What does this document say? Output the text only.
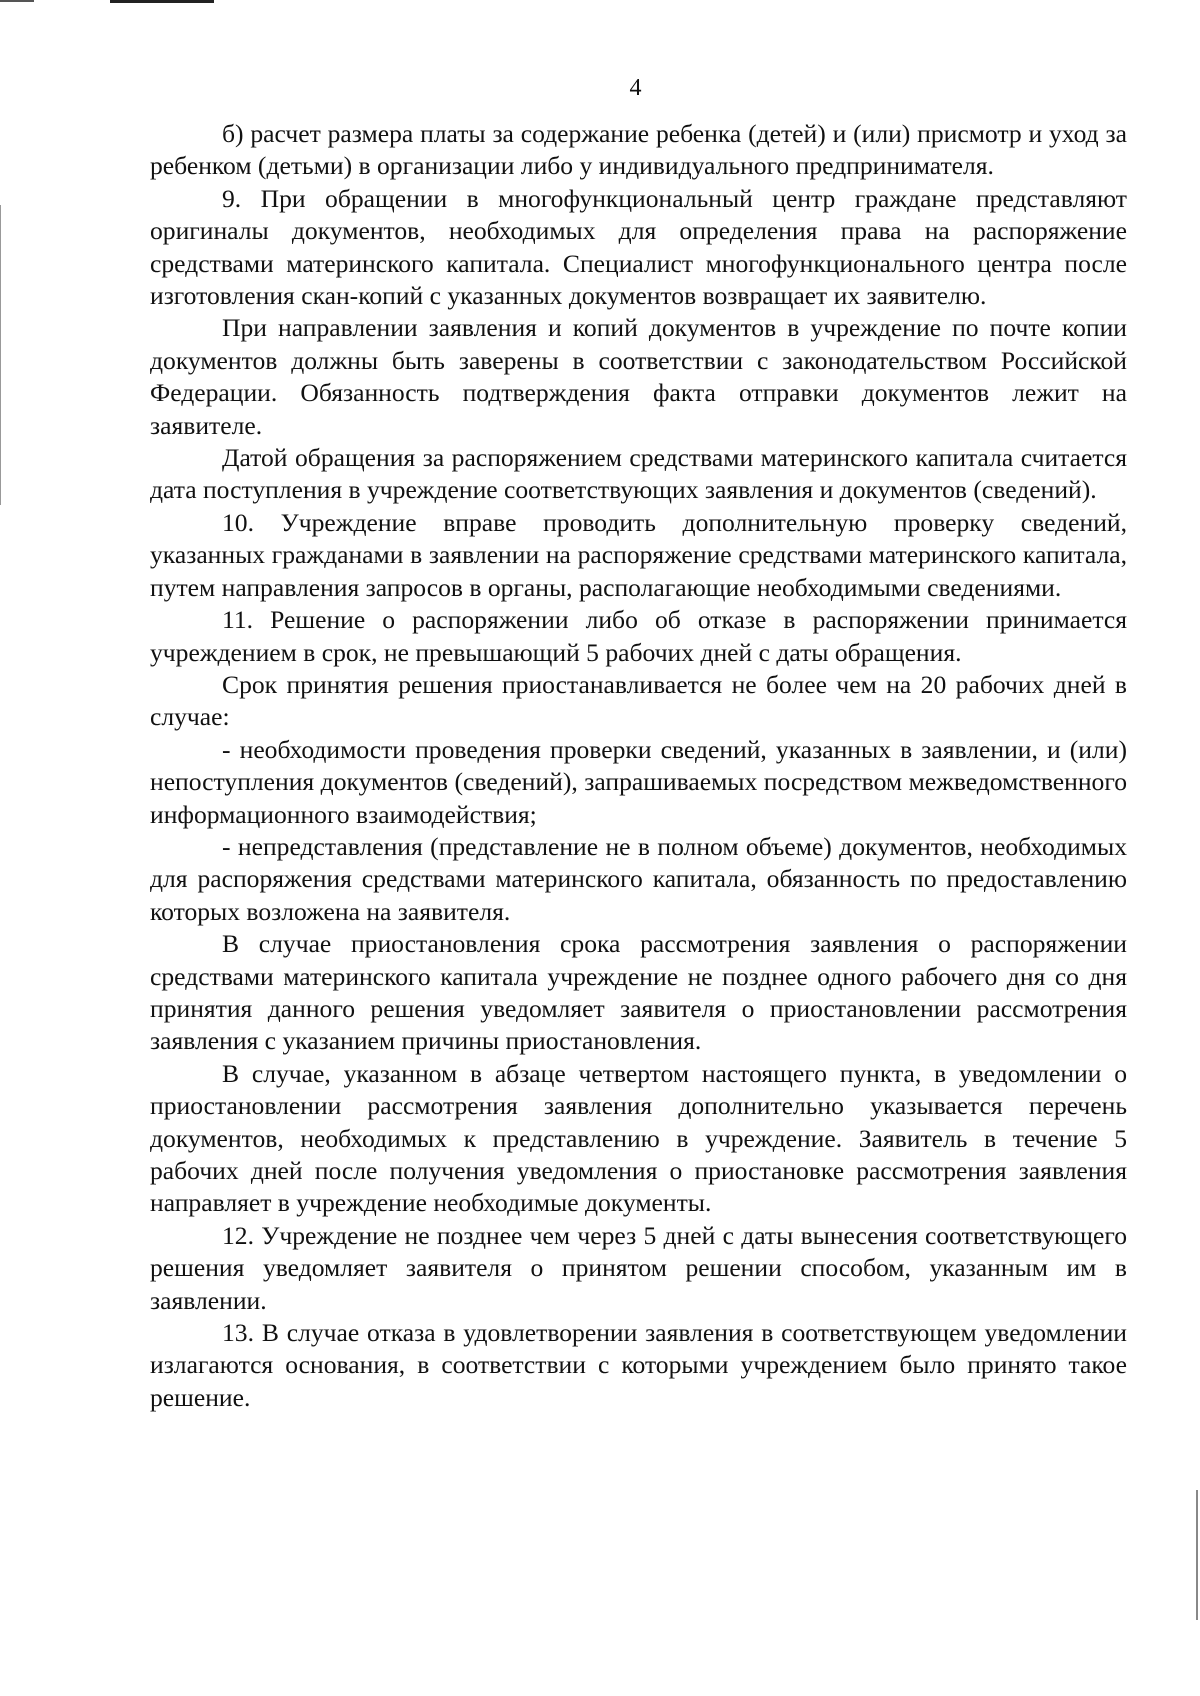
4

б) расчет размера платы за содержание ребенка (детей) и (или) присмотр и уход за ребенком (детьми) в организации либо у индивидуального предпринимателя.

9. При обращении в многофункциональный центр граждане представляют оригиналы документов, необходимых для определения права на распоряжение средствами материнского капитала. Специалист многофункционального центра после изготовления скан-копий с указанных документов возвращает их заявителю.

При направлении заявления и копий документов в учреждение по почте копии документов должны быть заверены в соответствии с законодательством Российской Федерации. Обязанность подтверждения факта отправки документов лежит на заявителе.

Датой обращения за распоряжением средствами материнского капитала считается дата поступления в учреждение соответствующих заявления и документов (сведений).

10. Учреждение вправе проводить дополнительную проверку сведений, указанных гражданами в заявлении на распоряжение средствами материнского капитала, путем направления запросов в органы, располагающие необходимыми сведениями.

11. Решение о распоряжении либо об отказе в распоряжении принимается учреждением в срок, не превышающий 5 рабочих дней с даты обращения.

Срок принятия решения приостанавливается не более чем на 20 рабочих дней в случае:

- необходимости проведения проверки сведений, указанных в заявлении, и (или) непоступления документов (сведений), запрашиваемых посредством межведомственного информационного взаимодействия;

- непредставления (представление не в полном объеме) документов, необходимых для распоряжения средствами материнского капитала, обязанность по предоставлению которых возложена на заявителя.

В случае приостановления срока рассмотрения заявления о распоряжении средствами материнского капитала учреждение не позднее одного рабочего дня со дня принятия данного решения уведомляет заявителя о приостановлении рассмотрения заявления с указанием причины приостановления.

В случае, указанном в абзаце четвертом настоящего пункта, в уведомлении о приостановлении рассмотрения заявления дополнительно указывается перечень документов, необходимых к представлению в учреждение. Заявитель в течение 5 рабочих дней после получения уведомления о приостановке рассмотрения заявления направляет в учреждение необходимые документы.

12. Учреждение не позднее чем через 5 дней с даты вынесения соответствующего решения уведомляет заявителя о принятом решении способом, указанным им в заявлении.

13. В случае отказа в удовлетворении заявления в соответствующем уведомлении излагаются основания, в соответствии с которыми учреждением было принято такое решение.
